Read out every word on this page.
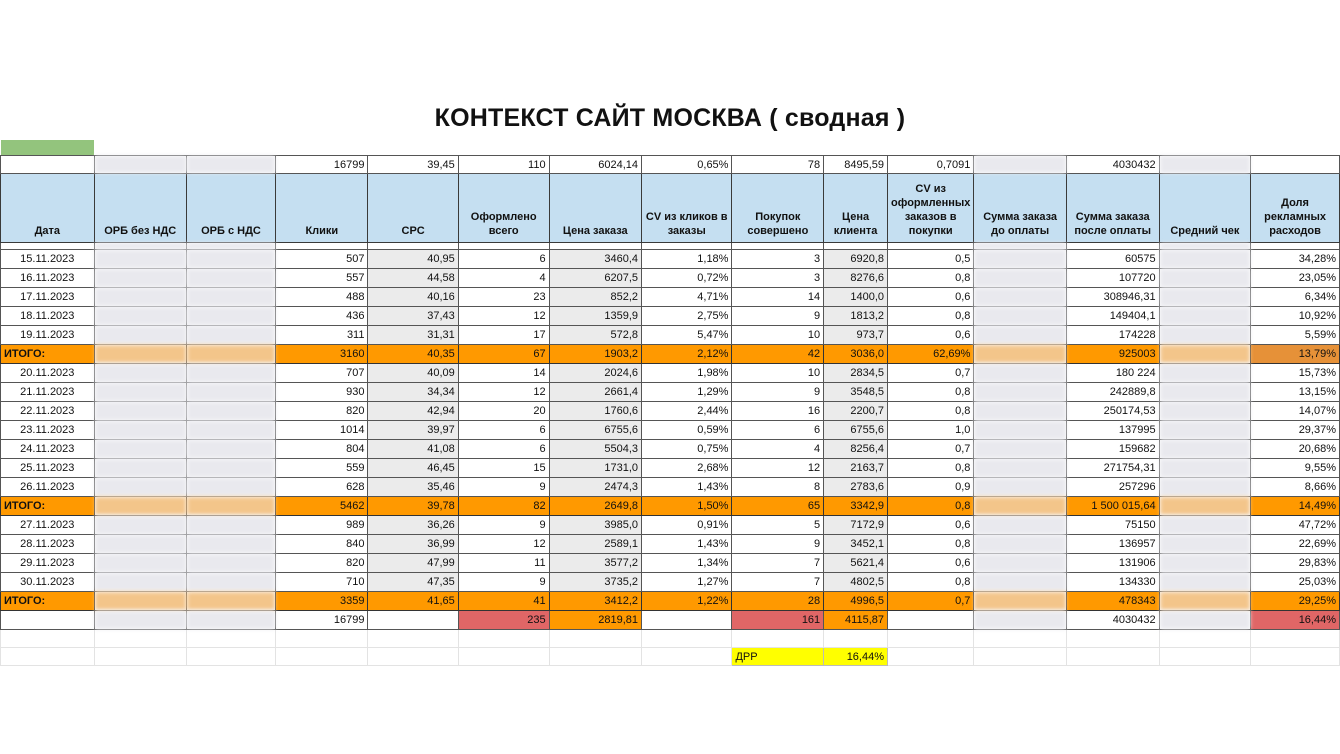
КОНТЕКСТ САЙТ МОСКВА ( сводная )

			16799	39,45	110	6024,14	0,65%	78	8495,59	0,7091		4030432		
Дата	ОРБ без НДС	ОРБ с НДС	Клики	CPC	Оформлено всего	Цена заказа	CV из кликов в заказы	Покупок совершено	Цена клиента	CV из оформленных заказов в покупки	Сумма заказа до оплаты	Сумма заказа после оплаты	Средний чек	Доля рекламных расходов

15.11.2023			507	40,95	6	3460,4	1,18%	3	6920,8	0,5		60575		34,28%
16.11.2023			557	44,58	4	6207,5	0,72%	3	8276,6	0,8		107720		23,05%
17.11.2023			488	40,16	23	852,2	4,71%	14	1400,0	0,6		308946,31		6,34%
18.11.2023			436	37,43	12	1359,9	2,75%	9	1813,2	0,8		149404,1		10,92%
19.11.2023			311	31,31	17	572,8	5,47%	10	973,7	0,6		174228		5,59%
ИТОГО:			3160	40,35	67	1903,2	2,12%	42	3036,0	62,69%		925003		13,79%
20.11.2023			707	40,09	14	2024,6	1,98%	10	2834,5	0,7		180 224		15,73%
21.11.2023			930	34,34	12	2661,4	1,29%	9	3548,5	0,8		242889,8		13,15%
22.11.2023			820	42,94	20	1760,6	2,44%	16	2200,7	0,8		250174,53		14,07%
23.11.2023			1014	39,97	6	6755,6	0,59%	6	6755,6	1,0		137995		29,37%
24.11.2023			804	41,08	6	5504,3	0,75%	4	8256,4	0,7		159682		20,68%
25.11.2023			559	46,45	15	1731,0	2,68%	12	2163,7	0,8		271754,31		9,55%
26.11.2023			628	35,46	9	2474,3	1,43%	8	2783,6	0,9		257296		8,66%
ИТОГО:			5462	39,78	82	2649,8	1,50%	65	3342,9	0,8		1 500 015,64		14,49%
27.11.2023			989	36,26	9	3985,0	0,91%	5	7172,9	0,6		75150		47,72%
28.11.2023			840	36,99	12	2589,1	1,43%	9	3452,1	0,8		136957		22,69%
29.11.2023			820	47,99	11	3577,2	1,34%	7	5621,4	0,6		131906		29,83%
30.11.2023			710	47,35	9	3735,2	1,27%	7	4802,5	0,8		134330		25,03%
ИТОГО:			3359	41,65	41	3412,2	1,22%	28	4996,5	0,7		478343		29,25%
			16799		235	2819,81		161	4115,87			4030432		16,44%

								ДРР	16,44%					
